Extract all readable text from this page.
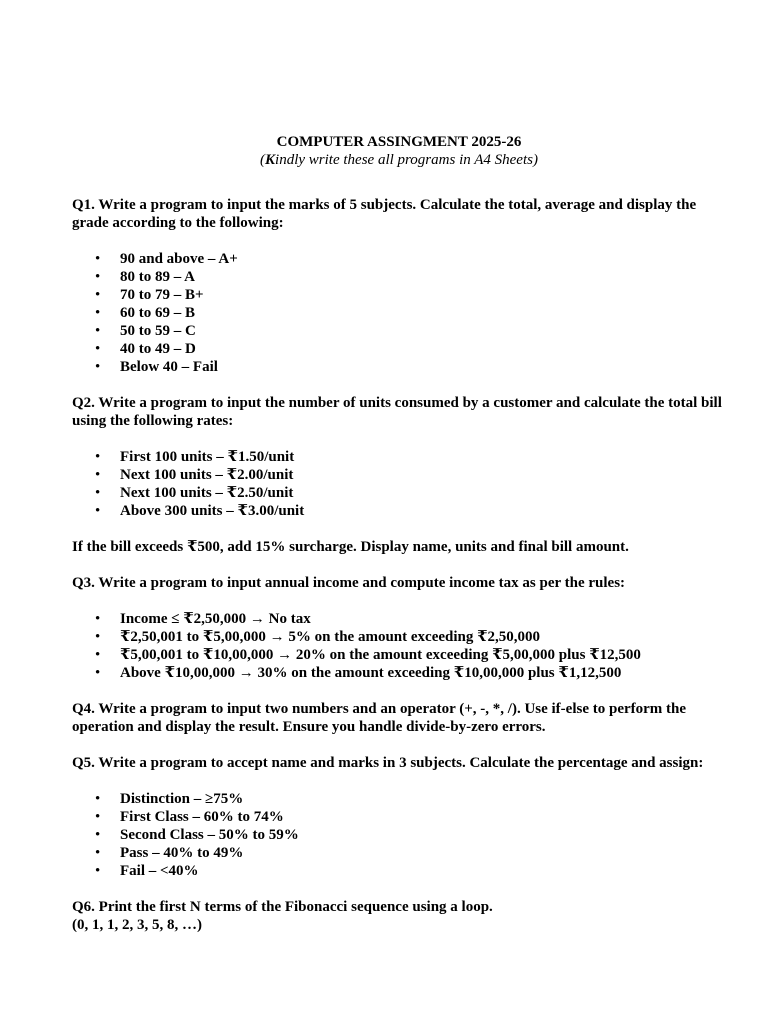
COMPUTER ASSINGMENT 2025-26

(Kindly write these all programs in A4 Sheets)

Q1. Write a program to input the marks of 5 subjects. Calculate the total, average and display the grade according to the following:

• 90 and above – A+
• 80 to 89 – A
• 70 to 79 – B+
• 60 to 69 – B
• 50 to 59 – C
• 40 to 49 – D
• Below 40 – Fail

Q2. Write a program to input the number of units consumed by a customer and calculate the total bill using the following rates:

• First 100 units – ₹1.50/unit
• Next 100 units – ₹2.00/unit
• Next 100 units – ₹2.50/unit
• Above 300 units – ₹3.00/unit

If the bill exceeds ₹500, add 15% surcharge. Display name, units and final bill amount.

Q3. Write a program to input annual income and compute income tax as per the rules:

• Income ≤ ₹2,50,000 → No tax
• ₹2,50,001 to ₹5,00,000 → 5% on the amount exceeding ₹2,50,000
• ₹5,00,001 to ₹10,00,000 → 20% on the amount exceeding ₹5,00,000 plus ₹12,500
• Above ₹10,00,000 → 30% on the amount exceeding ₹10,00,000 plus ₹1,12,500

Q4. Write a program to input two numbers and an operator (+, -, *, /). Use if-else to perform the operation and display the result. Ensure you handle divide-by-zero errors.

Q5. Write a program to accept name and marks in 3 subjects. Calculate the percentage and assign:

• Distinction – ≥75%
• First Class – 60% to 74%
• Second Class – 50% to 59%
• Pass – 40% to 49%
• Fail – <40%

Q6. Print the first N terms of the Fibonacci sequence using a loop.

(0, 1, 1, 2, 3, 5, 8, …)
